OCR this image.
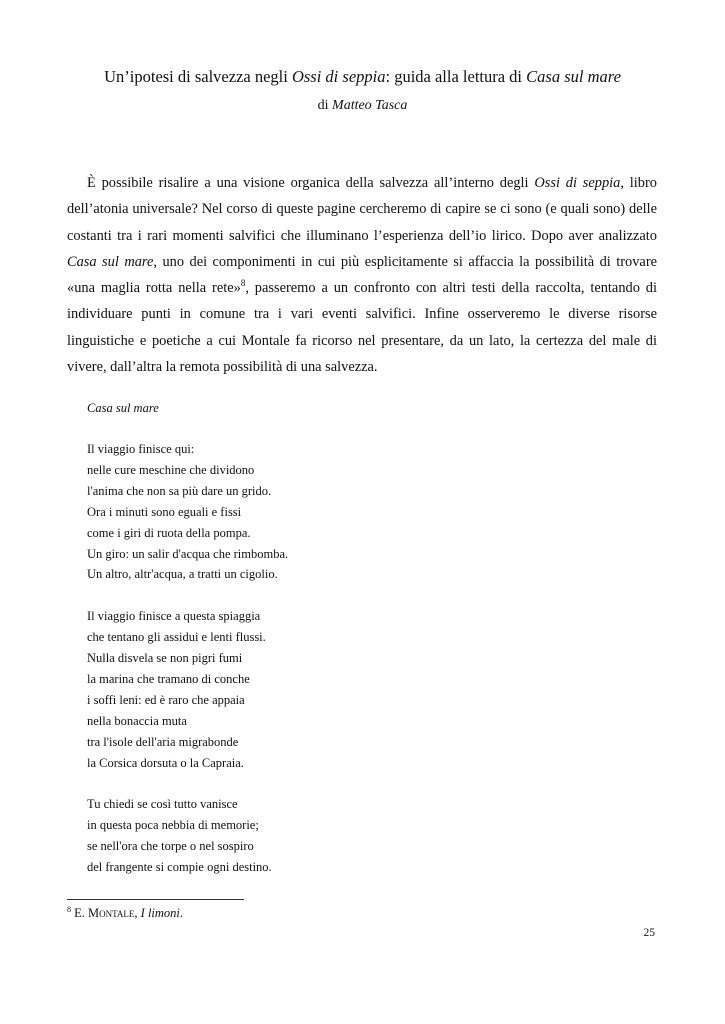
Un’ipotesi di salvezza negli Ossi di seppia: guida alla lettura di Casa sul mare
di Matteo Tasca

È possibile risalire a una visione organica della salvezza all’interno degli Ossi di seppia, libro dell’atonia universale? Nel corso di queste pagine cercheremo di capire se ci sono (e quali sono) delle costanti tra i rari momenti salvifici che illuminano l’esperienza dell’io lirico. Dopo aver analizzato Casa sul mare, uno dei componimenti in cui più esplicitamente si affaccia la possibilità di trovare «una maglia rotta nella rete»$^8$, passeremo a un confronto con altri testi della raccolta, tentando di individuare punti in comune tra i vari eventi salvifici. Infine osserveremo le diverse risorse linguistiche e poetiche a cui Montale fa ricorso nel presentare, da un lato, la certezza del male di vivere, dall’altra la remota possibilità di una salvezza.

Casa sul mare
Il viaggio finisce qui:
nelle cure meschine che dividono
l'anima che non sa più dare un grido.
Ora i minuti sono eguali e fissi
come i giri di ruota della pompa.
Un giro: un salir d'acqua che rimbomba.
Un altro, altr'acqua, a tratti un cigolio.
Il viaggio finisce a questa spiaggia
che tentano gli assidui e lenti flussi.
Nulla disvela se non pigri fumi
la marina che tramano di conche
i soffi leni: ed è raro che appaia
nella bonaccia muta
tra l'isole dell'aria migrabonde
la Corsica dorsuta o la Capraia.
Tu chiedi se così tutto vanisce
in questa poca nebbia di memorie;
se nell'ora che torpe o nel sospiro
del frangente si compie ogni destino.
$^8$ E. Montale, I limoni.
25
